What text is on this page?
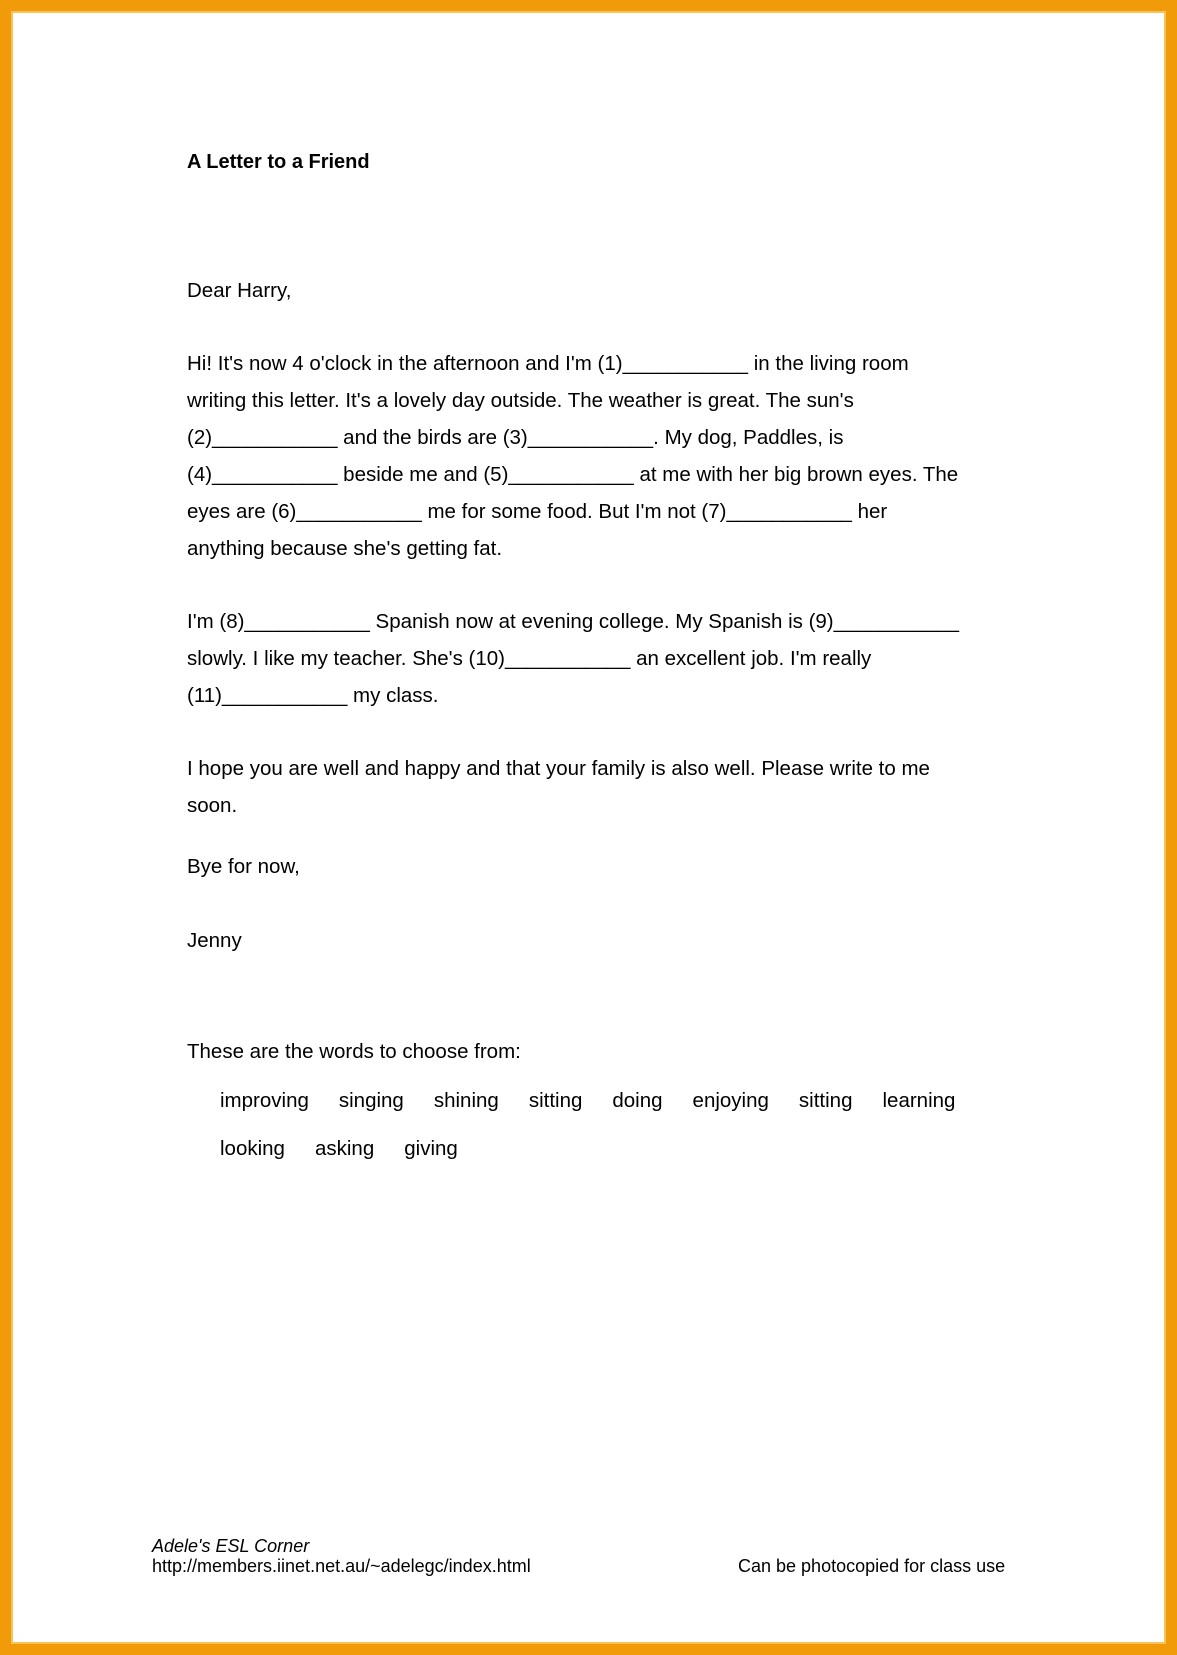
A Letter to a Friend

Dear Harry,

Hi! It's now 4 o'clock in the afternoon and I'm (1)___________ in the living room

writing this letter. It's a lovely day outside. The weather is great. The sun's

(2)___________ and the birds are (3)___________. My dog, Paddles, is

(4)___________ beside me and (5)___________ at me with her big brown eyes. The

eyes are (6)___________ me for some food. But I'm not (7)___________ her

anything because she's getting fat.

I'm (8)___________ Spanish now at evening college. My Spanish is (9)___________

slowly. I like my teacher. She's (10)___________ an excellent job. I'm really

(11)___________ my class.

I hope you are well and happy and that your family is also well. Please write to me

soon.

Bye for now,

Jenny

These are the words to choose from:

improving singing shining sitting doing enjoying sitting learning
looking asking giving
Adele's ESL Corner
http://members.iinet.net.au/~adelegc/index.html	Can be photocopied for class use
